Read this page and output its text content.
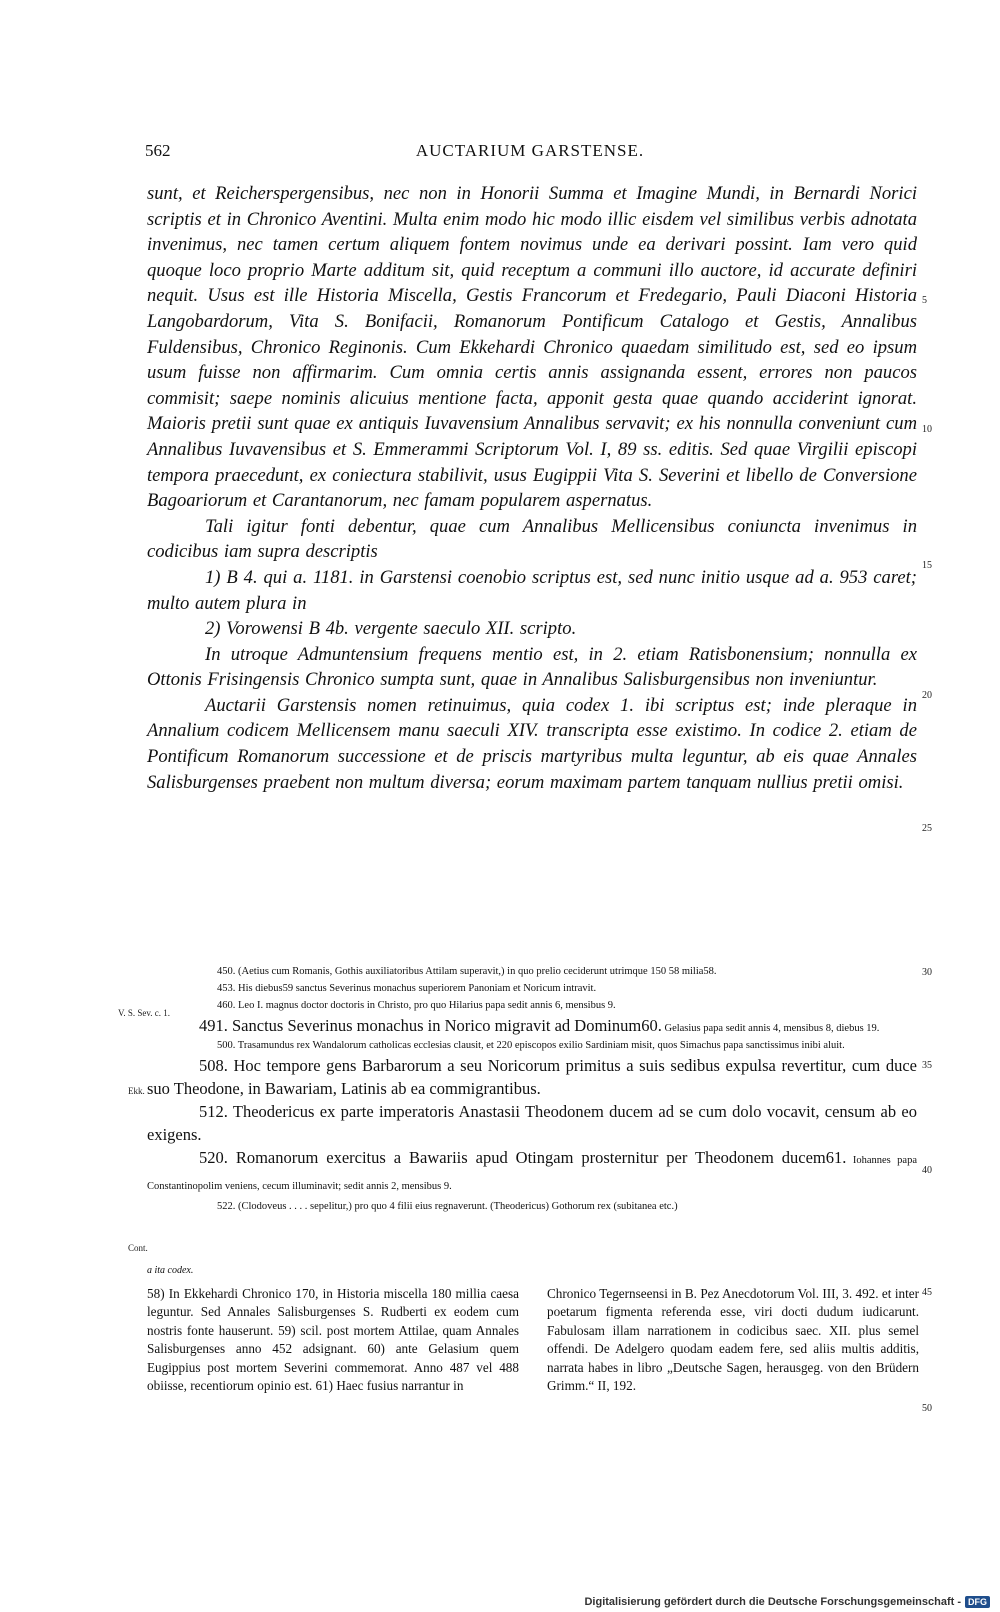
562	AUCTARIUM GARSTENSE.

sunt, et Reicherspergensibus, nec non in Honorii Summa et Imagine Mundi, in Bernardi Norici scriptis et in Chronico Aventini. Multa enim modo hic modo illic eisdem vel similibus verbis adnotata invenimus, nec tamen certum aliquem fontem novimus unde ea derivari possint. Iam vero quid quoque loco proprio Marte additum sit, quid receptum a communi illo auctore, id accurate definiri nequit. Usus est ille Historia Miscella, Gestis Francorum et Fredegario, Pauli Diaconi Historia Langobardorum, Vita S. Bonifacii, Romanorum Pontificum Catalogo et Gestis, Annalibus Fuldensibus, Chronico Reginonis. Cum Ekkehardi Chronico quaedam similitudo est, sed eo ipsum usum fuisse non affirmarim. Cum omnia certis annis assignanda essent, errores non paucos commisit; saepe nominis alicuius mentione facta, apponit gesta quae quando acciderint ignorat. Maioris pretii sunt quae ex antiquis Iuvavensium Annalibus servavit; ex his nonnulla conveniunt cum Annalibus Iuvavensibus et S. Emmerammi Scriptorum Vol. I, 89 ss. editis. Sed quae Virgilii episcopi tempora praecedunt, ex coniectura stabilivit, usus Eugippii Vita S. Severini et libello de Conversione Bagoariorum et Carantanorum, nec famam popularem aspernatus.

Tali igitur fonti debentur, quae cum Annalibus Mellicensibus coniuncta invenimus in codicibus iam supra descriptis

1) B 4. qui a. 1181. in Garstensi coenobio scriptus est, sed nunc initio usque ad a. 953 caret; multo autem plura in

2) Vorowensi B 4b. vergente saeculo XII. scripto.

In utroque Admuntensium frequens mentio est, in 2. etiam Ratisbonensium; nonnulla ex Ottonis Frisingensis Chronico sumpta sunt, quae in Annalibus Salisburgensibus non inveniuntur.

Auctarii Garstensis nomen retinuimus, quia codex 1. ibi scriptus est; inde pleraque in Annalium codicem Mellicensem manu saeculi XIV. transcripta esse existimo. In codice 2. etiam de Pontificum Romanorum successione et de priscis martyribus multa leguntur, ab eis quae Annales Salisburgenses praebent non multum diversa; eorum maximam partem tanquam nullius pretii omisi.

450. (Aetius cum Romanis, Gothis auxiliatoribus Attilam superavit,) in quo prelio ceciderunt utrimque 150 58 milia58.

453. His diebus59 sanctus Severinus monachus superiorem Panoniam et Noricum intravit.

460. Leo I. magnus doctor doctoris in Christo, pro quo Hilarius papa sedit annis 6, mensibus 9.

491. Sanctus Severinus monachus in Norico migravit ad Dominum60. Gelasius papa sedit annis 4, mensibus 8, diebus 19.

500. Trasamundus rex Wandalorum catholicas ecclesias clausit, et 220 episcopos exilio Sardiniam misit, quos Simachus papa sanctissimus inibi aluit.

508. Hoc tempore gens Barbarorum a seu Noricorum primitus a suis sedibus expulsa revertitur, cum duce suo Theodone, in Bawariam, Latinis ab ea commigrantibus.

512. Theodericus ex parte imperatoris Anastasii Theodonem ducem ad se cum dolo vocavit, censum ab eo exigens.

520. Romanorum exercitus a Bawariis apud Otingam prosternitur per Theodonem ducem61. Iohannes papa Constantinopolim veniens, cecum illuminavit; sedit annis 2, mensibus 9.

522. (Clodoveus . . . . sepelitur,) pro quo 4 filii eius regnaverunt. (Theodericus) Gothorum rex (subitanea etc.)

V. S. Sev. c. 1.
Ekk.
Cont.
5
10
15
20
25
30
35
40
45
50
a ita codex.

58) In Ekkehardi Chronico 170, in Historia miscella 180 millia caesa leguntur. Sed Annales Salisburgenses S. Rudberti ex eodem cum nostris fonte hauserunt. 59) scil. post mortem Attilae, quam Annales Salisburgenses anno 452 adsignant. 60) ante Gelasium quem Eugippius post mortem Severini commemorat. Anno 487 vel 488 obiisse, recentiorum opinio est. 61) Haec fusius narrantur in

Chronico Tegernseensi in B. Pez Anecdotorum Vol. III, 3. 492. et inter poetarum figmenta referenda esse, viri docti dudum iudicarunt. Fabulosam illam narrationem in codicibus saec. XII. plus semel offendi. De Adelgero quodam eadem fere, sed aliis multis additis, narrata habes in libro „Deutsche Sagen, herausgeg. von den Brüdern Grimm.“ II, 192.

Digitalisierung gefördert durch die Deutsche Forschungsgemeinschaft - DFG
